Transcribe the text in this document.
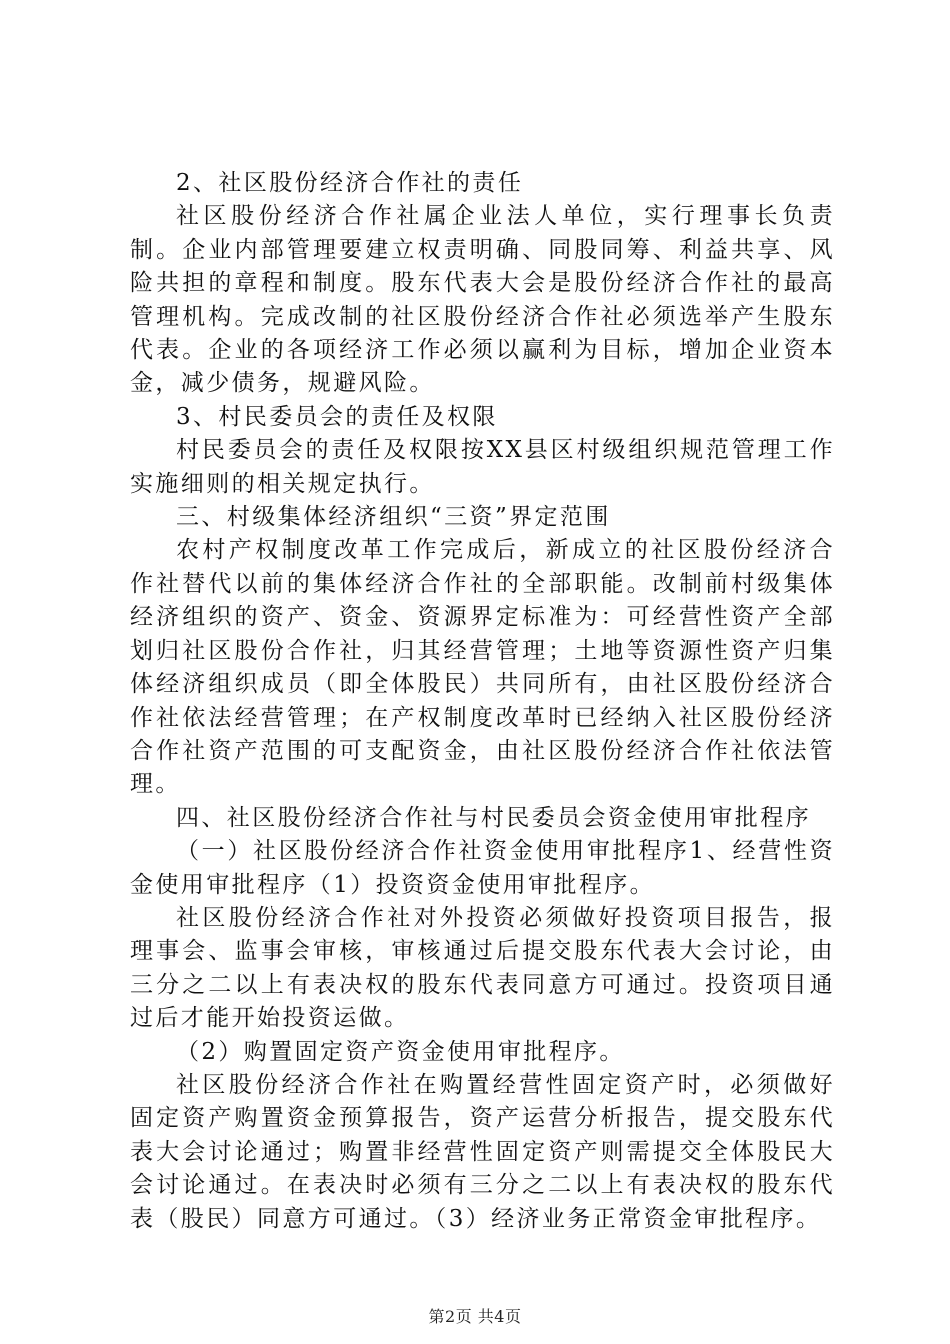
2、社区股份经济合作社的责任

社区股份经济合作社属企业法人单位，实行理事长负责制。企业内部管理要建立权责明确、同股同筹、利益共享、风险共担的章程和制度。股东代表大会是股份经济合作社的最高管理机构。完成改制的社区股份经济合作社必须选举产生股东代表。企业的各项经济工作必须以赢利为目标，增加企业资本金，减少债务，规避风险。

3、村民委员会的责任及权限

村民委员会的责任及权限按XX县区村级组织规范管理工作实施细则的相关规定执行。

三、村级集体经济组织“三资”界定范围

农村产权制度改革工作完成后，新成立的社区股份经济合作社替代以前的集体经济合作社的全部职能。改制前村级集体经济组织的资产、资金、资源界定标准为：可经营性资产全部划归社区股份合作社，归其经营管理；土地等资源性资产归集体经济组织成员（即全体股民）共同所有，由社区股份经济合作社依法经营管理；在产权制度改革时已经纳入社区股份经济合作社资产范围的可支配资金，由社区股份经济合作社依法管理。

四、社区股份经济合作社与村民委员会资金使用审批程序

（一）社区股份经济合作社资金使用审批程序1、经营性资金使用审批程序（1）投资资金使用审批程序。

社区股份经济合作社对外投资必须做好投资项目报告，报理事会、监事会审核，审核通过后提交股东代表大会讨论，由三分之二以上有表决权的股东代表同意方可通过。投资项目通过后才能开始投资运做。

（2）购置固定资产资金使用审批程序。

社区股份经济合作社在购置经营性固定资产时，必须做好固定资产购置资金预算报告，资产运营分析报告，提交股东代表大会讨论通过；购置非经营性固定资产则需提交全体股民大会讨论通过。在表决时必须有三分之二以上有表决权的股东代表（股民）同意方可通过。（3）经济业务正常资金审批程序。

第2页 共4页
